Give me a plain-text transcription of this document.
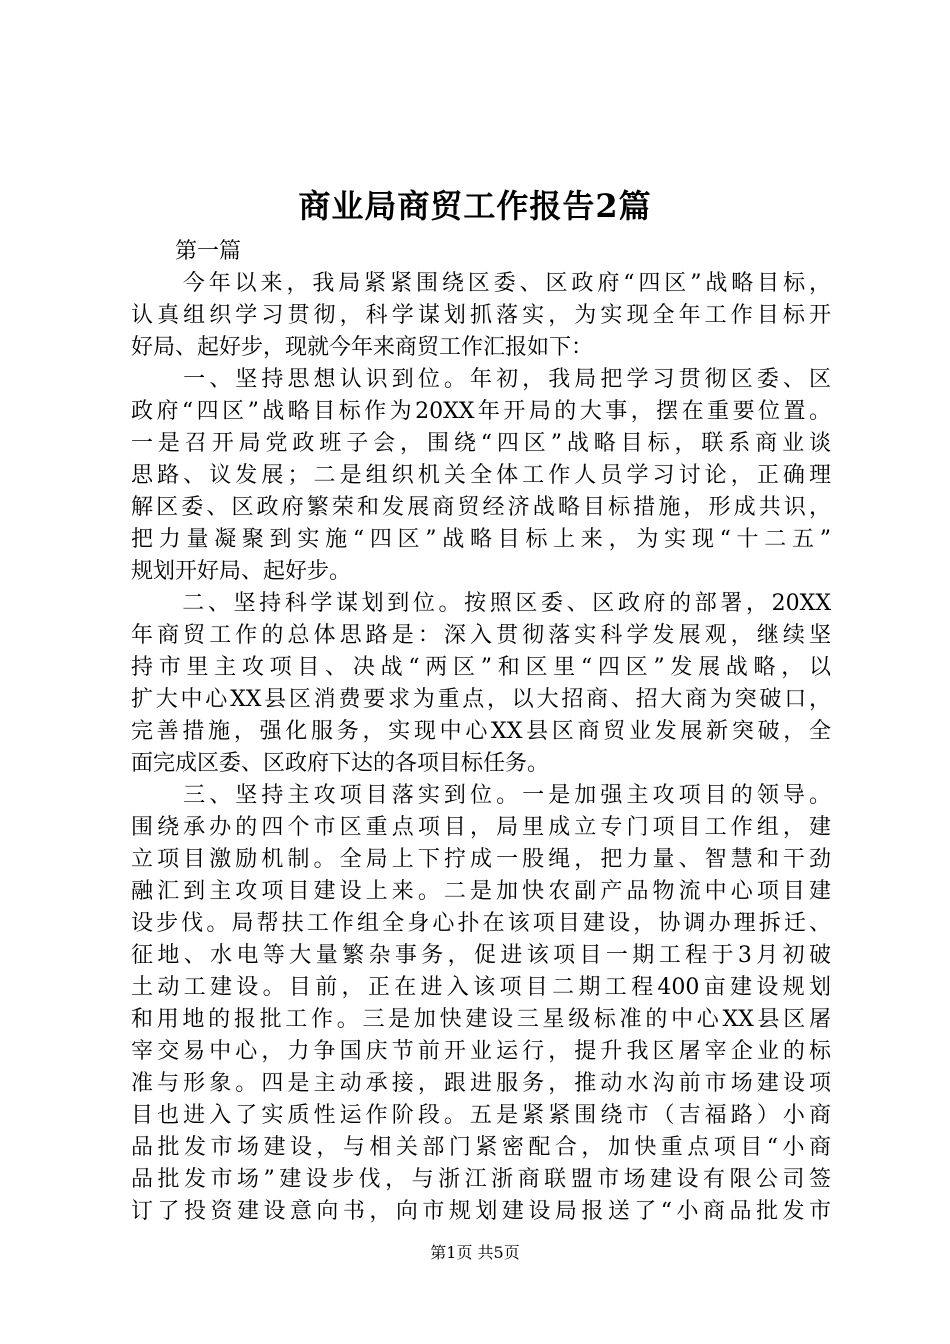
商业局商贸工作报告2篇
　　第一篇
　　今年以来，我局紧紧围绕区委、区政府“四区”战略目标，
认真组织学习贯彻，科学谋划抓落实，为实现全年工作目标开
好局、起好步，现就今年来商贸工作汇报如下：
　　一、坚持思想认识到位。年初，我局把学习贯彻区委、区
政府“四区”战略目标作为20XX年开局的大事，摆在重要位置。
一是召开局党政班子会，围绕“四区”战略目标，联系商业谈
思路、议发展；二是组织机关全体工作人员学习讨论，正确理
解区委、区政府繁荣和发展商贸经济战略目标措施，形成共识，
把力量凝聚到实施“四区”战略目标上来，为实现“十二五”
规划开好局、起好步。
　　二、坚持科学谋划到位。按照区委、区政府的部署，20XX
年商贸工作的总体思路是：深入贯彻落实科学发展观，继续坚
持市里主攻项目、决战“两区”和区里“四区”发展战略，以
扩大中心XX县区消费要求为重点，以大招商、招大商为突破口，
完善措施，强化服务，实现中心XX县区商贸业发展新突破，全
面完成区委、区政府下达的各项目标任务。
　　三、坚持主攻项目落实到位。一是加强主攻项目的领导。
围绕承办的四个市区重点项目，局里成立专门项目工作组，建
立项目激励机制。全局上下拧成一股绳，把力量、智慧和干劲
融汇到主攻项目建设上来。二是加快农副产品物流中心项目建
设步伐。局帮扶工作组全身心扑在该项目建设，协调办理拆迁、
征地、水电等大量繁杂事务，促进该项目一期工程于3月初破
土动工建设。目前，正在进入该项目二期工程400亩建设规划
和用地的报批工作。三是加快建设三星级标准的中心XX县区屠
宰交易中心，力争国庆节前开业运行，提升我区屠宰企业的标
准与形象。四是主动承接，跟进服务，推动水沟前市场建设项
目也进入了实质性运作阶段。五是紧紧围绕市（吉福路）小商
品批发市场建设，与相关部门紧密配合，加快重点项目“小商
品批发市场”建设步伐，与浙江浙商联盟市场建设有限公司签
订了投资建设意向书，向市规划建设局报送了“小商品批发市
第1页 共5页
